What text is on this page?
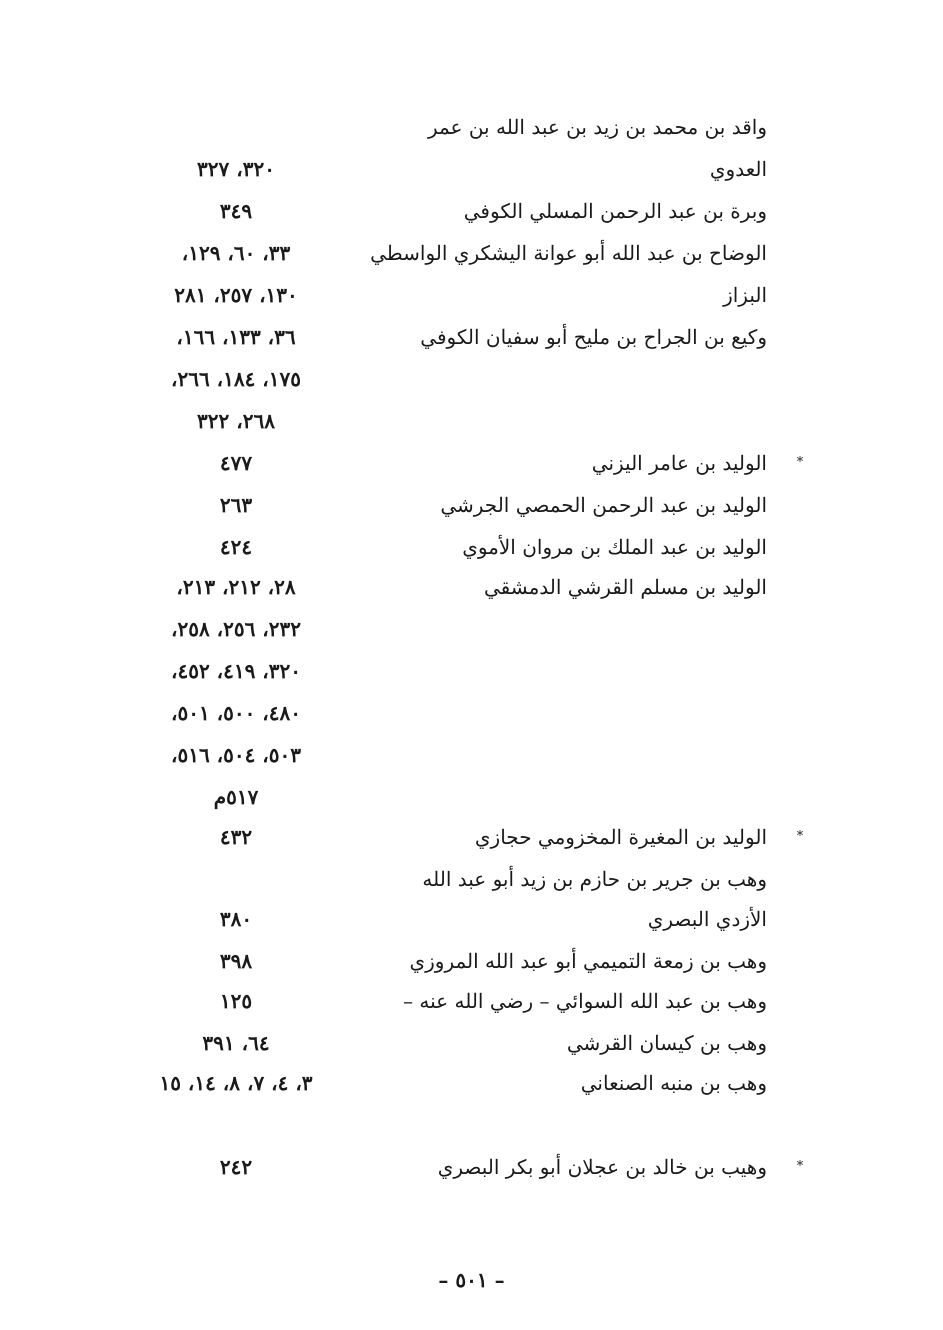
واقد بن محمد بن زيد بن عبد الله بن عمر
العدوي
٣٢٠، ٣٢٧
وبرة بن عبد الرحمن المسلي الكوفي
٣٤٩
الوضاح بن عبد الله أبو عوانة اليشكري الواسطي
٣٣، ٦٠، ١٢٩،
البزاز
١٣٠، ٢٥٧، ٢٨١
وكيع بن الجراح بن مليح أبو سفيان الكوفي
٣٦، ١٣٣، ١٦٦،
١٧٥، ١٨٤، ٢٦٦،
٢٦٨، ٣٢٢
*
الوليد بن عامر اليزني
٤٧٧
الوليد بن عبد الرحمن الحمصي الجرشي
٢٦٣
الوليد بن عبد الملك بن مروان الأموي
٤٢٤
الوليد بن مسلم القرشي الدمشقي
٢٨، ٢١٢، ٢١٣،
٢٣٢، ٢٥٦، ٢٥٨،
٣٢٠، ٤١٩، ٤٥٢،
٤٨٠، ٥٠٠، ٥٠١،
٥٠٣، ٥٠٤، ٥١٦،
٥١٧م
*
الوليد بن المغيرة المخزومي حجازي
٤٣٢
وهب بن جرير بن حازم بن زيد أبو عبد الله
الأزدي البصري
٣٨٠
وهب بن زمعة التميمي أبو عبد الله المروزي
٣٩٨
وهب بن عبد الله السوائي – رضي الله عنه –
١٢٥
وهب بن كيسان القرشي
٦٤، ٣٩١
وهب بن منبه الصنعاني
٣، ٤، ٧، ٨، ١٤، ١٥
*
وهيب بن خالد بن عجلان أبو بكر البصري
٢٤٢
– ٥٠١ –
